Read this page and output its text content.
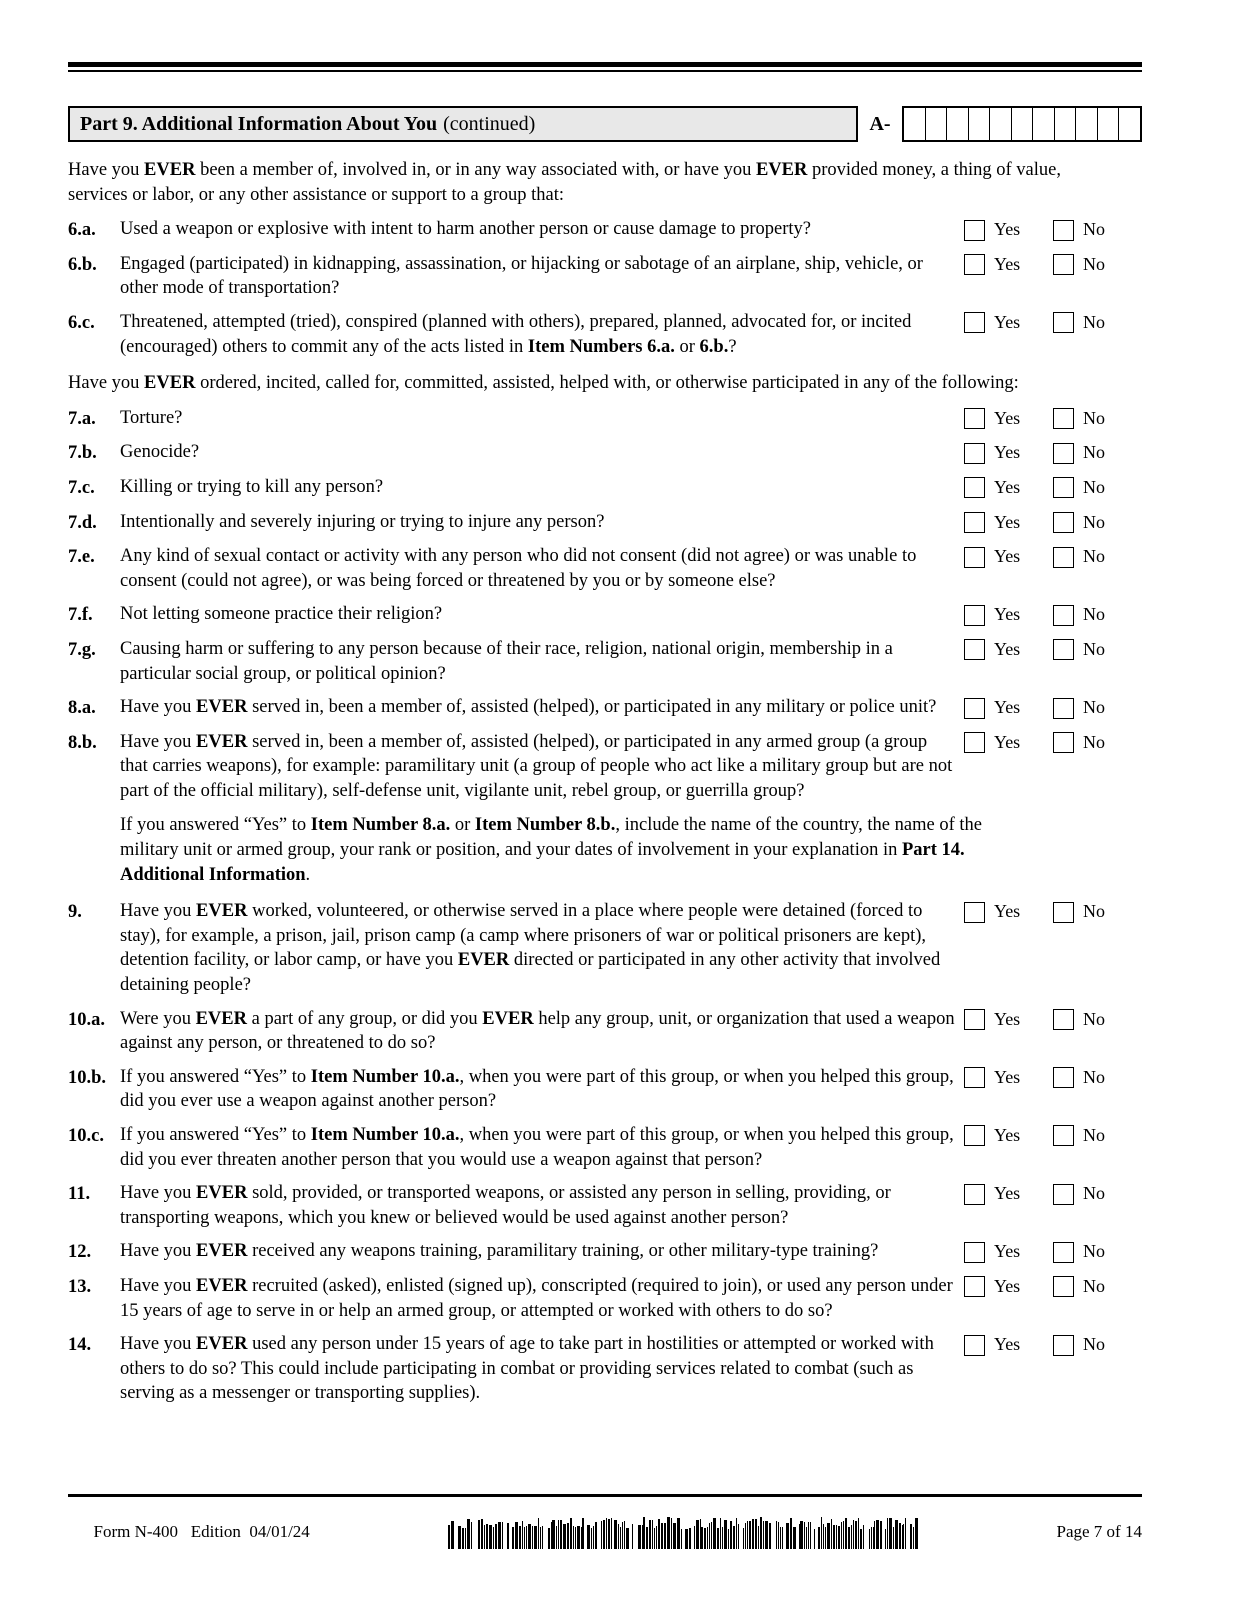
Part 9. Additional Information About You (continued)	A-

Have you EVER been a member of, involved in, or in any way associated with, or have you EVER provided money, a thing of value, services or labor, or any other assistance or support to a group that:

6.a.	Used a weapon or explosive with intent to harm another person or cause damage to property?	Yes	No
6.b.	Engaged (participated) in kidnapping, assassination, or hijacking or sabotage of an airplane, ship, vehicle, or other mode of transportation?
Yes	No
6.c.	Threatened, attempted (tried), conspired (planned with others), prepared, planned, advocated for, or incited (encouraged) others to commit any of the acts listed in Item Numbers 6.a. or 6.b.?
Yes	No

Have you EVER ordered, incited, called for, committed, assisted, helped with, or otherwise participated in any of the following:

7.a.	Torture?	Yes	No
7.b.	Genocide?	Yes	No
7.c.	Killing or trying to kill any person?	Yes	No
7.d.	Intentionally and severely injuring or trying to injure any person?	Yes	No
7.e.	Any kind of sexual contact or activity with any person who did not consent (did not agree) or was unable to consent (could not agree), or was being forced or threatened by you or by someone else?
Yes	No
7.f.	Not letting someone practice their religion?	Yes	No
7.g.	Causing harm or suffering to any person because of their race, religion, national origin, membership in a particular social group, or political opinion?
Yes	No
8.a.	Have you EVER served in, been a member of, assisted (helped), or participated in any military or police unit?	Yes	No
8.b.	Have you EVER served in, been a member of, assisted (helped), or participated in any armed group (a group that carries weapons), for example: paramilitary unit (a group of people who act like a military group but are not part of the official military), self-defense unit, vigilante unit, rebel group, or guerrilla group?
Yes	No

If you answered “Yes” to Item Number 8.a. or Item Number 8.b., include the name of the country, the name of the military unit or armed group, your rank or position, and your dates of involvement in your explanation in Part 14. Additional Information.

9.	Have you EVER worked, volunteered, or otherwise served in a place where people were detained (forced to stay), for example, a prison, jail, prison camp (a camp where prisoners of war or political prisoners are kept), detention facility, or labor camp, or have you EVER directed or participated in any other activity that involved detaining people?
Yes	No
10.a. Were you EVER a part of any group, or did you EVER help any group, unit, or organization that used a weapon against any person, or threatened to do so?
Yes	No
10.b. If you answered “Yes” to Item Number 10.a., when you were part of this group, or when you helped this group, did you ever use a weapon against another person?
Yes	No
10.c. If you answered “Yes” to Item Number 10.a., when you were part of this group, or when you helped this group, did you ever threaten another person that you would use a weapon against that person?
Yes	No
11.	Have you EVER sold, provided, or transported weapons, or assisted any person in selling, providing, or transporting weapons, which you knew or believed would be used against another person?
Yes	No
12.	Have you EVER received any weapons training, paramilitary training, or other military-type training?	Yes	No
13.	Have you EVER recruited (asked), enlisted (signed up), conscripted (required to join), or used any person under 15 years of age to serve in or help an armed group, or attempted or worked with others to do so?
Yes	No
14.	Have you EVER used any person under 15 years of age to take part in hostilities or attempted or worked with others to do so? This could include participating in combat or providing services related to combat (such as serving as a messenger or transporting supplies).
Yes	No

Form N-400 Edition 04/01/24
	Page 7 of 14
